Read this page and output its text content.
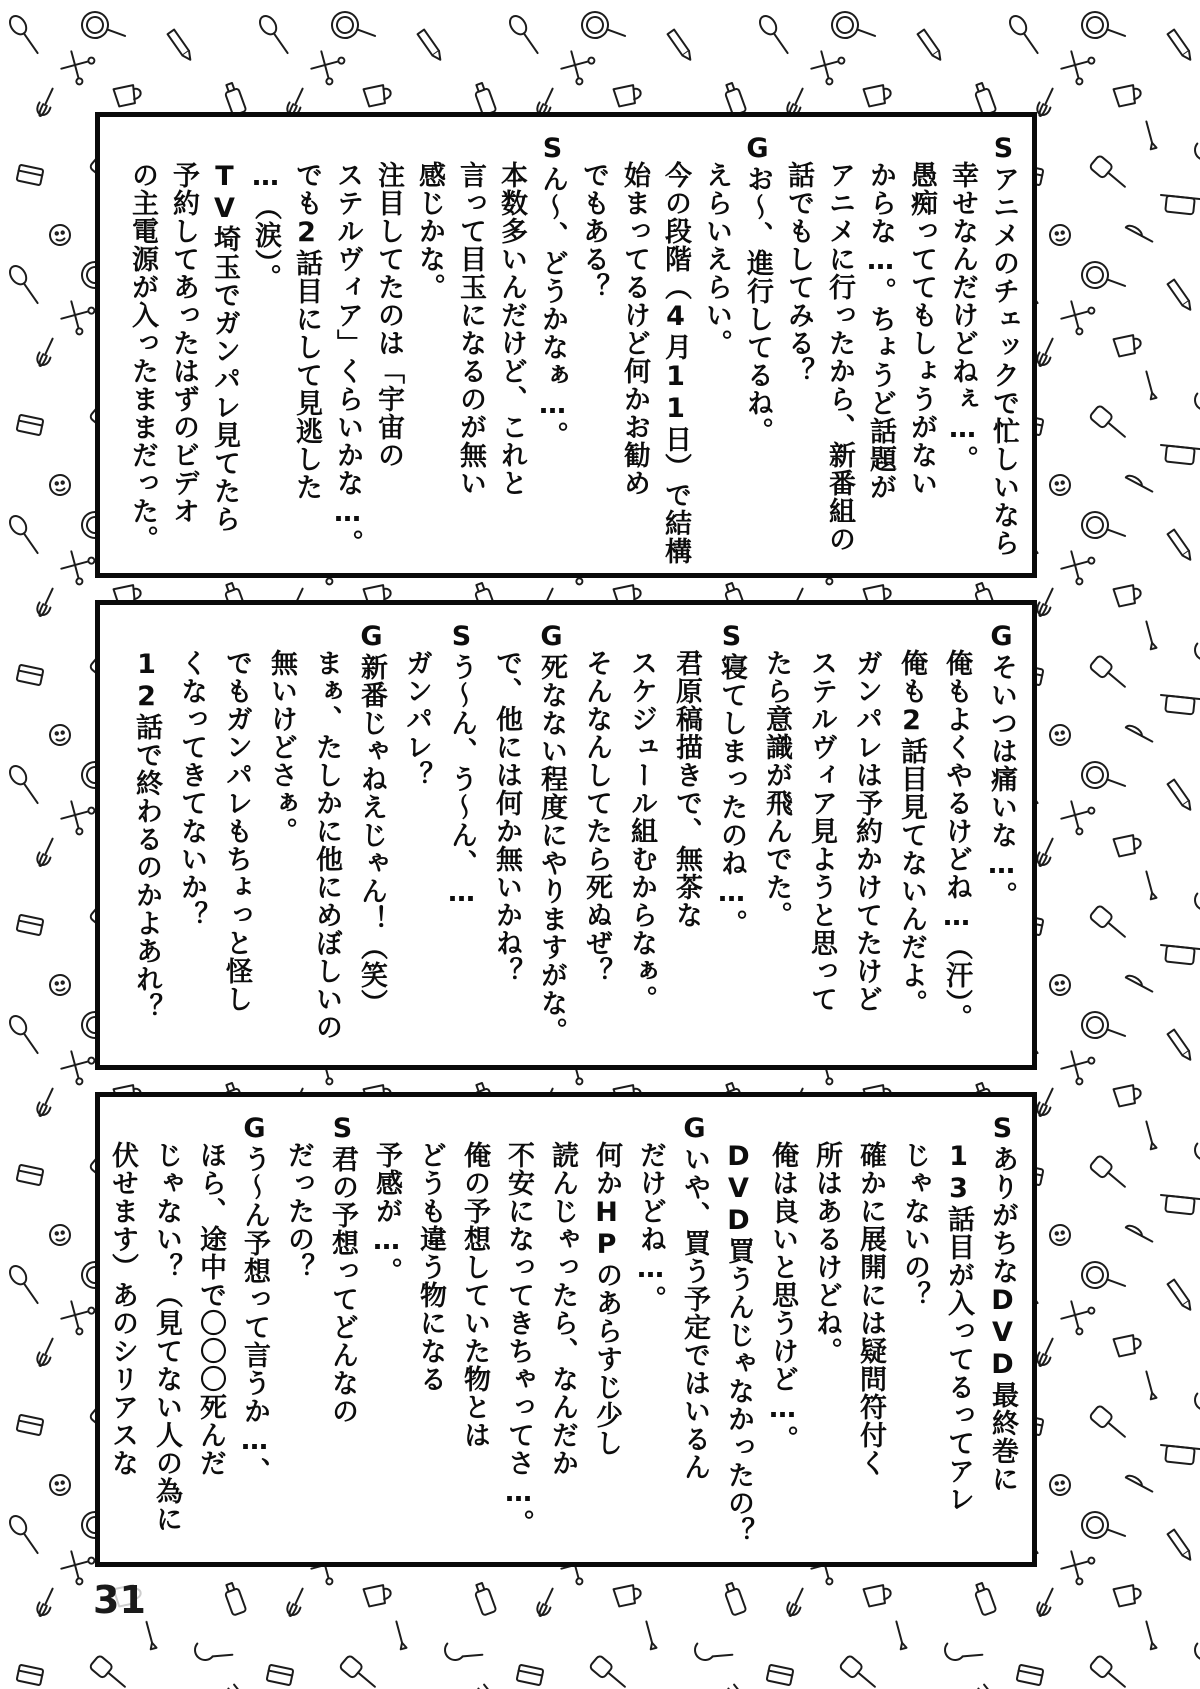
Sアニメのチェックで忙しいなら
幸せなんだけどねぇ…。
愚痴っててもしょうがない
からな…。ちょうど話題が
アニメに行ったから、新番組の
話でもしてみる？
Gお〜、進行してるね。
えらいえらい。
今の段階（4月11日）で結構
始まってるけど何かお勧め
でもある？
Sん〜、どうかなぁ…。
本数多いんだけど、これと
言って目玉になるのが無い
感じかな。
注目してたのは「宇宙の
ステルヴィア」くらいかな…。
でも2話目にして見逃した
…（涙）。
TV埼玉でガンパレ見てたら
予約してあったはずのビデオ
の主電源が入ったままだった。
Gそいつは痛いな…。
俺もよくやるけどね…（汗）。
俺も2話目見てないんだよ。
ガンパレは予約かけてたけど
ステルヴィア見ようと思って
たら意識が飛んでた。
S寝てしまったのね…。
君原稿描きで、無茶な
スケジュール組むからなぁ。
そんなんしてたら死ぬぜ？
G死なない程度にやりますがな。
で、他には何か無いかね？
Sう〜ん、う〜ん、…
ガンパレ？
G新番じゃねえじゃん！（笑）
まぁ、たしかに他にめぼしいの
無いけどさぁ。
でもガンパレもちょっと怪し
くなってきてないか？
12話で終わるのかよあれ？
SありがちなDVD最終巻に
13話目が入ってるってアレ
じゃないの？
確かに展開には疑問符付く
所はあるけどね。
俺は良いと思うけど…。
DVD買うんじゃなかったの？
Gいや、買う予定ではいるん
だけどね…。
何かHPのあらすじ少し
読んじゃったら、なんだか
不安になってきちゃってさ…。
俺の予想していた物とは
どうも違う物になる
予感が…。
S君の予想ってどんなの
だったの？
Gう〜ん予想って言うか…、
ほら、途中で〇〇〇死んだ
じゃない？（見てない人の為に
伏せます）あのシリアスな
31
